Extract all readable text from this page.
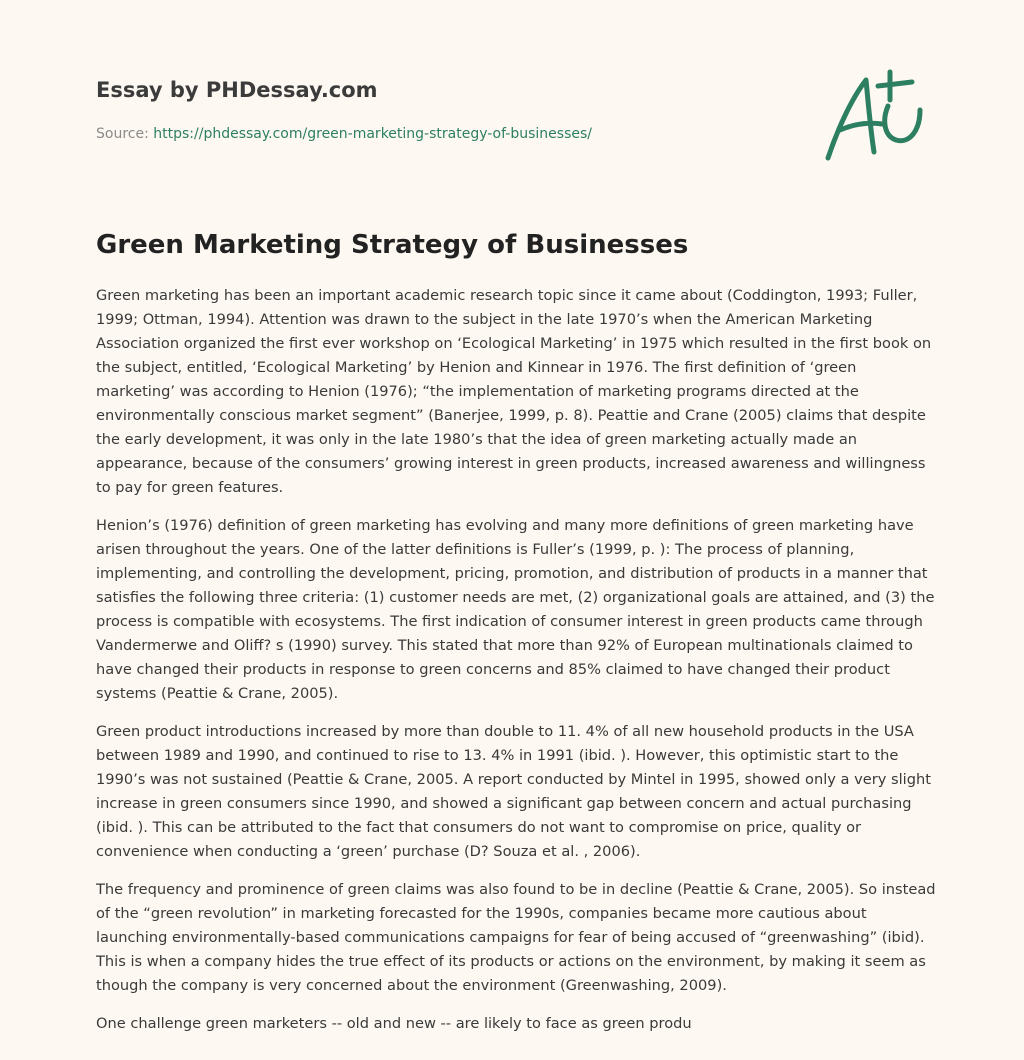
Essay by PHDessay.com
Source: https://phdessay.com/green-marketing-strategy-of-businesses/
Green Marketing Strategy of Businesses

Green marketing has been an important academic research topic since it came about (Coddington, 1993; Fuller, 1999; Ottman, 1994). Attention was drawn to the subject in the late 1970’s when the American Marketing Association organized the first ever workshop on ‘Ecological Marketing’ in 1975 which resulted in the first book on the subject, entitled, ‘Ecological Marketing’ by Henion and Kinnear in 1976. The first definition of ‘green marketing’ was according to Henion (1976); “the implementation of marketing programs directed at the environmentally conscious market segment” (Banerjee, 1999, p. 8). Peattie and Crane (2005) claims that despite the early development, it was only in the late 1980’s that the idea of green marketing actually made an appearance, because of the consumers’ growing interest in green products, increased awareness and willingness to pay for green features.

Henion’s (1976) definition of green marketing has evolving and many more definitions of green marketing have arisen throughout the years. One of the latter definitions is Fuller’s (1999, p. ): The process of planning, implementing, and controlling the development, pricing, promotion, and distribution of products in a manner that satisfies the following three criteria: (1) customer needs are met, (2) organizational goals are attained, and (3) the process is compatible with ecosystems. The first indication of consumer interest in green products came through Vandermerwe and Oliff? s (1990) survey. This stated that more than 92% of European multinationals claimed to have changed their products in response to green concerns and 85% claimed to have changed their product systems (Peattie & Crane, 2005).

Green product introductions increased by more than double to 11. 4% of all new household products in the USA between 1989 and 1990, and continued to rise to 13. 4% in 1991 (ibid. ). However, this optimistic start to the 1990’s was not sustained (Peattie & Crane, 2005. A report conducted by Mintel in 1995, showed only a very slight increase in green consumers since 1990, and showed a significant gap between concern and actual purchasing (ibid. ). This can be attributed to the fact that consumers do not want to compromise on price, quality or convenience when conducting a ‘green’ purchase (D? Souza et al. , 2006).

The frequency and prominence of green claims was also found to be in decline (Peattie & Crane, 2005). So instead of the “green revolution” in marketing forecasted for the 1990s, companies became more cautious about launching environmentally-based communications campaigns for fear of being accused of “greenwashing” (ibid). This is when a company hides the true effect of its products or actions on the environment, by making it seem as though the company is very concerned about the environment (Greenwashing, 2009).

One challenge green marketers -- old and new -- are likely to face as green produ
